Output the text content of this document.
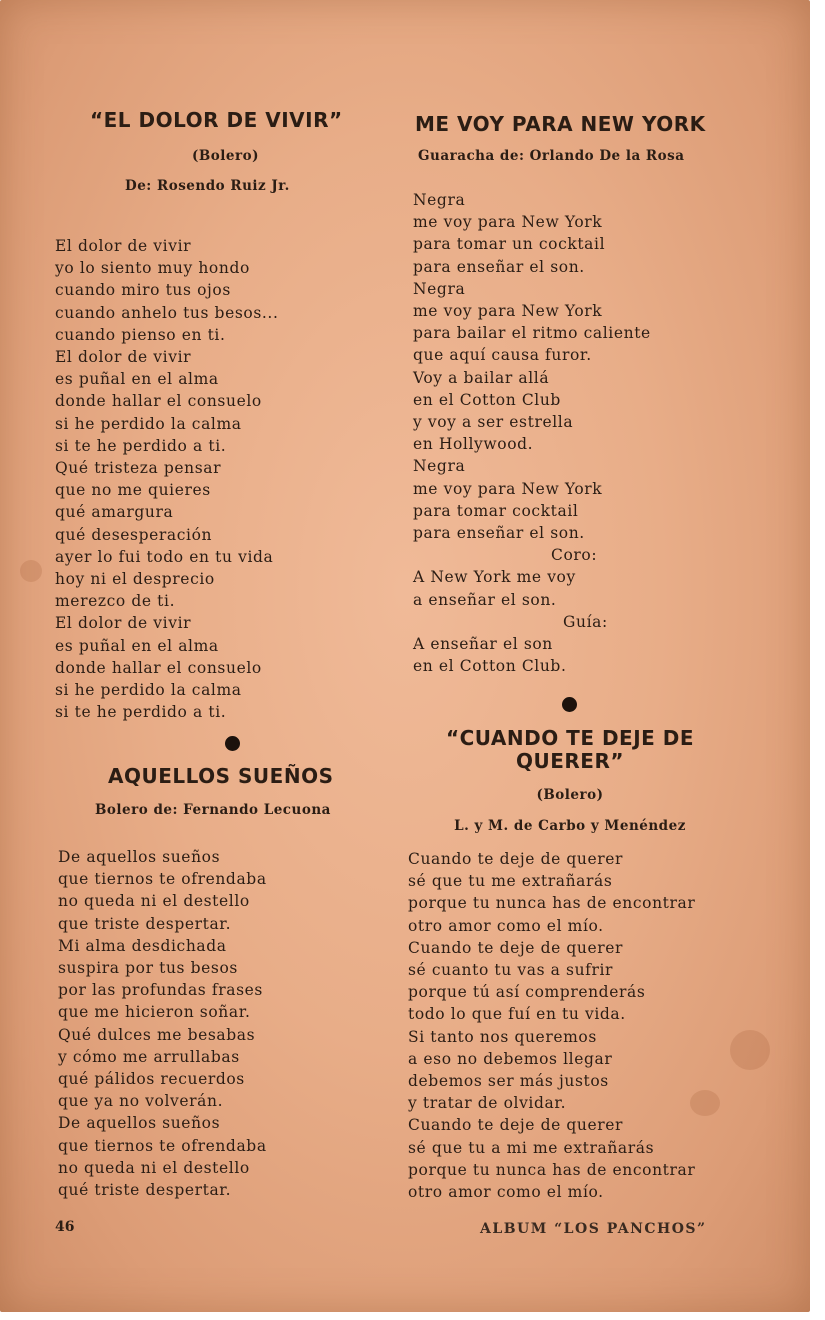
“EL DOLOR DE VIVIR”

(Bolero)

De: Rosendo Ruiz Jr.

El dolor de vivir
yo lo siento muy hondo
cuando miro tus ojos
cuando anhelo tus besos...
cuando pienso en ti.
El dolor de vivir
es puñal en el alma
donde hallar el consuelo
si he perdido la calma
si te he perdido a ti.
Qué tristeza pensar
que no me quieres
qué amargura
qué desesperación
ayer lo fui todo en tu vida
hoy ni el desprecio
merezco de ti.
El dolor de vivir
es puñal en el alma
donde hallar el consuelo
si he perdido la calma
si te he perdido a ti.
AQUELLOS SUEÑOS

Bolero de: Fernando Lecuona

De aquellos sueños
que tiernos te ofrendaba
no queda ni el destello
que triste despertar.
Mi alma desdichada
suspira por tus besos
por las profundas frases
que me hicieron soñar.
Qué dulces me besabas
y cómo me arrullabas
qué pálidos recuerdos
que ya no volverán.
De aquellos sueños
que tiernos te ofrendaba
no queda ni el destello
qué triste despertar.
ME VOY PARA NEW YORK

Guaracha de: Orlando De la Rosa

Negra
me voy para New York
para tomar un cocktail
para enseñar el son.
Negra
me voy para New York
para bailar el ritmo caliente
que aquí causa furor.
Voy a bailar allá
en el Cotton Club
y voy a ser estrella
en Hollywood.
Negra
me voy para New York
para tomar cocktail
para enseñar el son.
Coro:
A New York me voy
a enseñar el son.
Guía:
A enseñar el son
en el Cotton Club.
“CUANDO TE DEJE DE
QUERER”

(Bolero)

L. y M. de Carbo y Menéndez

Cuando te deje de querer
sé que tu me extrañarás
porque tu nunca has de encontrar
otro amor como el mío.
Cuando te deje de querer
sé cuanto tu vas a sufrir
porque tú así comprenderás
todo lo que fuí en tu vida.
Si tanto nos queremos
a eso no debemos llegar
debemos ser más justos
y tratar de olvidar.
Cuando te deje de querer
sé que tu a mi me extrañarás
porque tu nunca has de encontrar
otro amor como el mío.
46	ALBUM “LOS PANCHOS”
